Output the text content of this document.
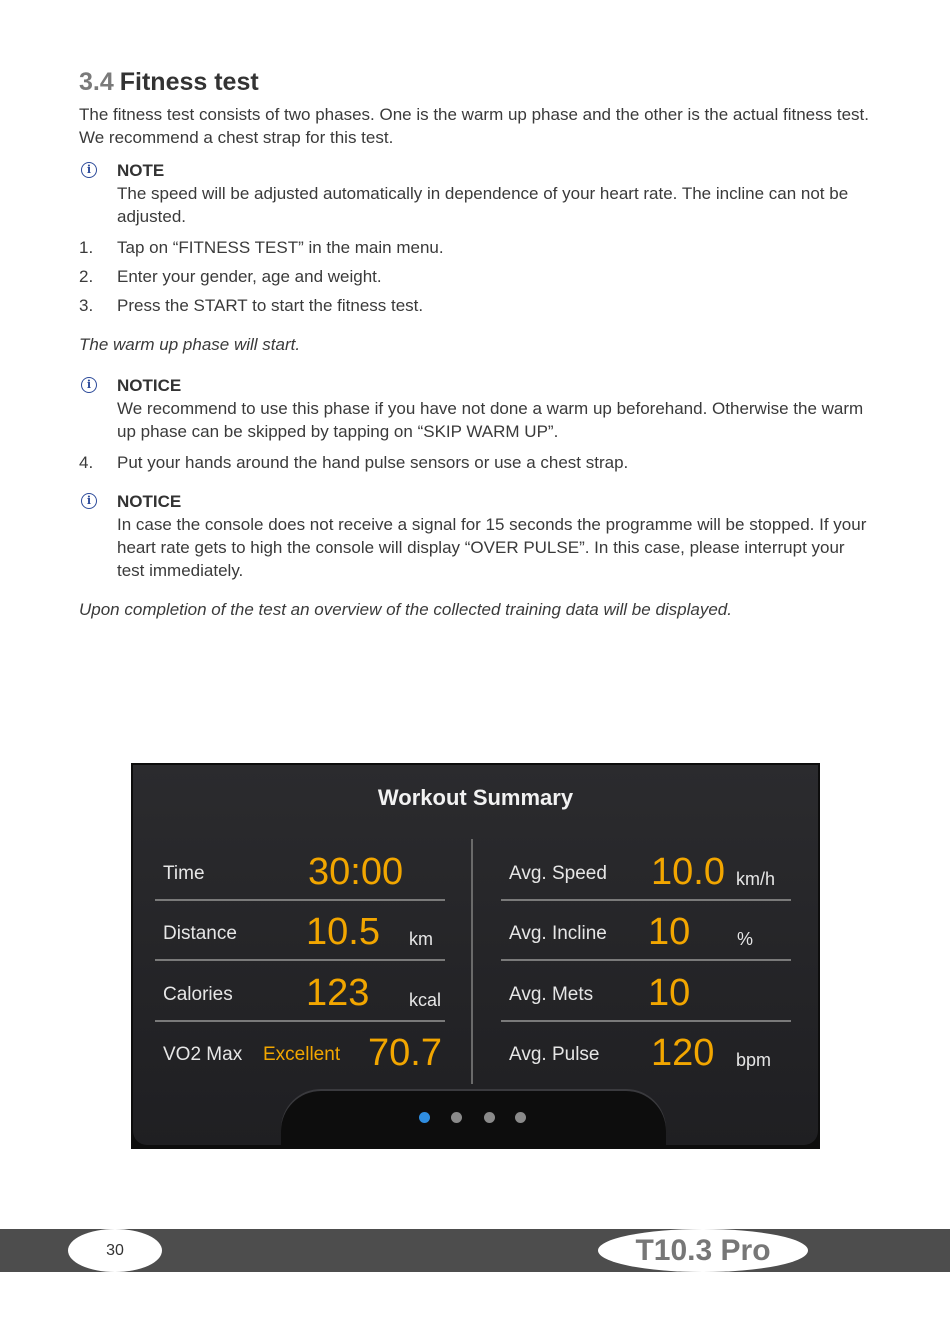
3.4 Fitness test

The fitness test consists of two phases. One is the warm up phase and the other is the actual fitness test. We recommend a chest strap for this test.

i	NOTE
The speed will be adjusted automatically in dependence of your heart rate. The incline can not be adjusted.
1. Tap on “FITNESS TEST” in the main menu.
2. Enter your gender, age and weight.
3. Press the START to start the fitness test.

The warm up phase will start.

i	NOTICE
We recommend to use this phase if you have not done a warm up beforehand. Otherwise the warm up phase can be skipped by tapping on “SKIP WARM UP”.
4. Put your hands around the hand pulse sensors or use a chest strap.
i	NOTICE
In case the console does not receive a signal for 15 seconds the programme will be stopped. If your heart rate gets to high the console will display “OVER PULSE”. In this case, please interrupt your test immediately.

Upon completion of the test an overview of the collected training data will be displayed.

Workout Summary
Time	30:00
Distance 10.5 km
Calories 123 kcal
VO2 Max Excellent 70.7
Avg. Speed 10.0 km/h
Avg. Incline 10	%
Avg. Mets 10
Avg. Pulse 120 bpm
30	T10.3 Pro
